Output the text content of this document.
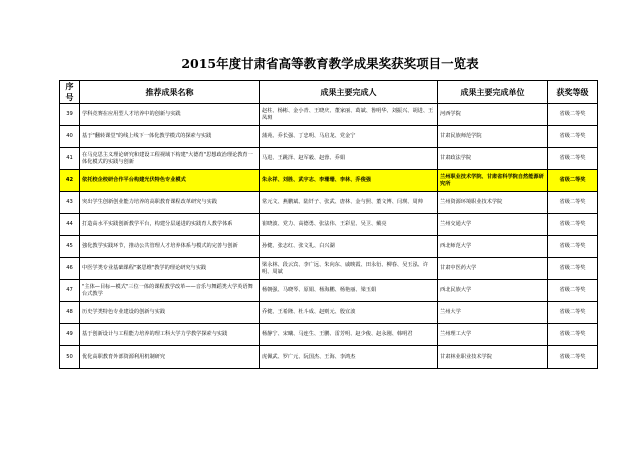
2015年度甘肃省高等教育教学成果奖获奖项目一览表
序号	推荐成果名称	成果主要完成人	成果主要完成单位	获奖等级
39	学科竞赛在应用型人才培养中的创新与实践	赵柱、杨彬、金小青、王晓庆、董家丽、葛斌、鲁明华、刘振兴、胡进、王凤斑	河西学院	省级二等奖
40	基于"翻转课堂"的线上线下一体化教学模式的探索与实践	蒲苑、乔长强、丁忠明、马启龙、党金宁	甘肃民族师范学院	省级二等奖
41	在马克思主义理论研究和建设工程视域下构建"大德育"思想政治理论教育一体化模式的实践与创新	马进、王跳泽、赵军毅、赵蓉、乔娟	甘肃政法学院	省级二等奖
42	依托校企校研合作平台构建光伏特色专业模式	朱永祥、刘胜、武宇志、李珊珊、李林、乔俊强	兰州职业技术学院、甘肃省科学院自然能源研究所	省级二等奖
43	突出学生创新创业能力培养的高职教育课程改革研究与实践	常元文、燕鹏斌、陆钎子、张武、唐林、金与照、董文博、闫瑛、周帅	兰州资源环境职业技术学院	省级二等奖
44	打造高水平实践创新教学平台，构建分层递进的实践育人教学体系	崔晓波、党力、高德勇、张法伟、王彩星、吴卫、戴亮	兰州交通大学	省级二等奖
45	強化教学实践环节，推动公共管理人才培养体系与模式的完善与创新	孙健、张志红、张文礼、白兴湖	西北师范大学	省级二等奖
46	中医学类专业基础课程"案思维"教学的理论研究与实践	梁永林、段云宾、李广远、朱向东、戚映霞、田永衍、柳春、吴玉泓、许明、周斌	甘肃中医药大学	省级二等奖
47	"主体—目标—模式"三位一体的课程教学改革——音乐与舞蹈类大学英语舞台式教学	杨朝强、马晓琴、原娟、杨海鹏、杨艳丽、梁玉娟	西北民族大学	省级二等奖
48	历史学类特色专业建设的创新与实践	乔健、王希隆、杜斗成、赵则元、殷宜波	兰州大学	省级二等奖
49	基于创新设计与工程能力培养的理工科大学力学教学探索与实践	杨静宁、宋曦、马连生、王鹏、雷芳明、赵少俊、赵永刚、韩明君	兰州理工大学	省级二等奖
50	优化高职教育外部资源利用机制研究	虎佩武、罗广元、阮国杰、王海、李鸿杰	甘肃林业职业技术学院	省级二等奖
